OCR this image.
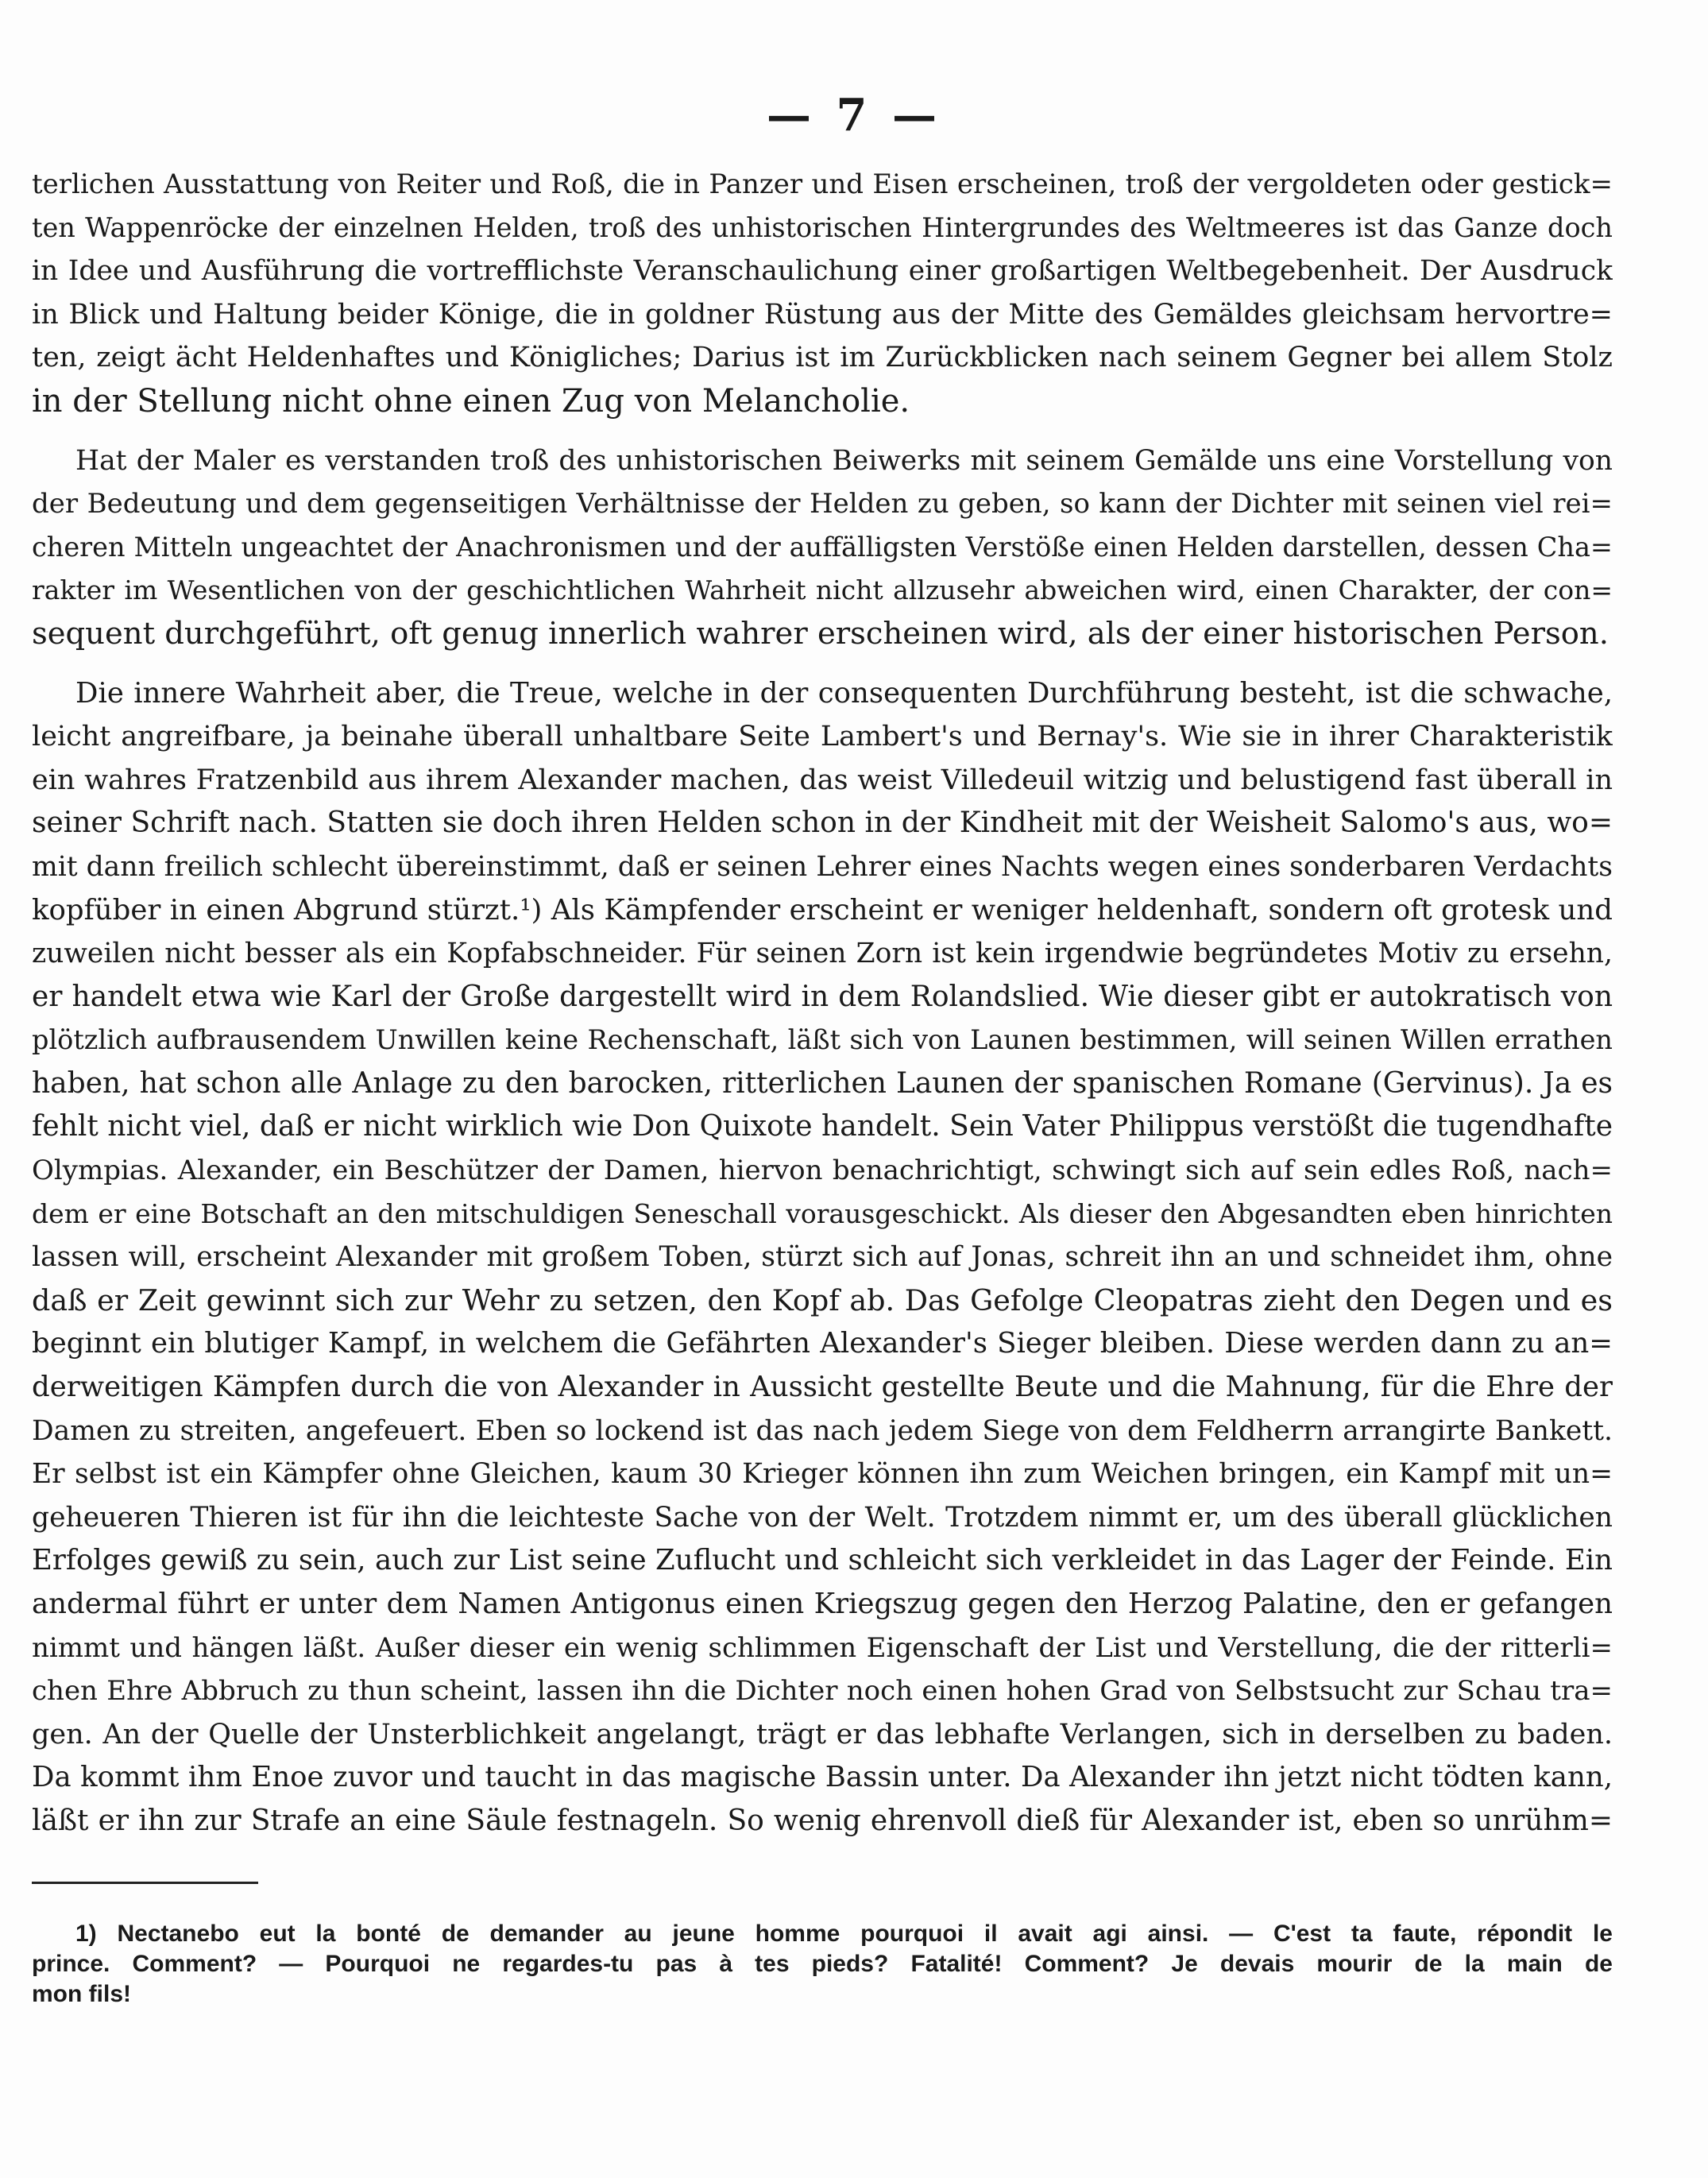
— 7 —
terlichen Ausstattung von Reiter und Roß, die in Panzer und Eisen erscheinen, troß der vergoldeten oder gestick=
ten Wappenröcke der einzelnen Helden, troß des unhistorischen Hintergrundes des Weltmeeres ist das Ganze doch
in Idee und Ausführung die vortrefflichste Veranschaulichung einer großartigen Weltbegebenheit. Der Ausdruck
in Blick und Haltung beider Könige, die in goldner Rüstung aus der Mitte des Gemäldes gleichsam hervortre=
ten, zeigt ächt Heldenhaftes und Königliches; Darius ist im Zurückblicken nach seinem Gegner bei allem Stolz
in der Stellung nicht ohne einen Zug von Melancholie.
Hat der Maler es verstanden troß des unhistorischen Beiwerks mit seinem Gemälde uns eine Vorstellung von
der Bedeutung und dem gegenseitigen Verhältnisse der Helden zu geben, so kann der Dichter mit seinen viel rei=
cheren Mitteln ungeachtet der Anachronismen und der auffälligsten Verstöße einen Helden darstellen, dessen Cha=
rakter im Wesentlichen von der geschichtlichen Wahrheit nicht allzusehr abweichen wird, einen Charakter, der con=
sequent durchgeführt, oft genug innerlich wahrer erscheinen wird, als der einer historischen Person.
Die innere Wahrheit aber, die Treue, welche in der consequenten Durchführung besteht, ist die schwache,
leicht angreifbare, ja beinahe überall unhaltbare Seite Lambert's und Bernay's. Wie sie in ihrer Charakteristik
ein wahres Fratzenbild aus ihrem Alexander machen, das weist Villedeuil witzig und belustigend fast überall in
seiner Schrift nach. Statten sie doch ihren Helden schon in der Kindheit mit der Weisheit Salomo's aus, wo=
mit dann freilich schlecht übereinstimmt, daß er seinen Lehrer eines Nachts wegen eines sonderbaren Verdachts
kopfüber in einen Abgrund stürzt.¹) Als Kämpfender erscheint er weniger heldenhaft, sondern oft grotesk und
zuweilen nicht besser als ein Kopfabschneider. Für seinen Zorn ist kein irgendwie begründetes Motiv zu ersehn,
er handelt etwa wie Karl der Große dargestellt wird in dem Rolandslied. Wie dieser gibt er autokratisch von
plötzlich aufbrausendem Unwillen keine Rechenschaft, läßt sich von Launen bestimmen, will seinen Willen errathen
haben, hat schon alle Anlage zu den barocken, ritterlichen Launen der spanischen Romane (Gervinus). Ja es
fehlt nicht viel, daß er nicht wirklich wie Don Quixote handelt. Sein Vater Philippus verstößt die tugendhafte
Olympias. Alexander, ein Beschützer der Damen, hiervon benachrichtigt, schwingt sich auf sein edles Roß, nach=
dem er eine Botschaft an den mitschuldigen Seneschall vorausgeschickt. Als dieser den Abgesandten eben hinrichten
lassen will, erscheint Alexander mit großem Toben, stürzt sich auf Jonas, schreit ihn an und schneidet ihm, ohne
daß er Zeit gewinnt sich zur Wehr zu setzen, den Kopf ab. Das Gefolge Cleopatras zieht den Degen und es
beginnt ein blutiger Kampf, in welchem die Gefährten Alexander's Sieger bleiben. Diese werden dann zu an=
derweitigen Kämpfen durch die von Alexander in Aussicht gestellte Beute und die Mahnung, für die Ehre der
Damen zu streiten, angefeuert. Eben so lockend ist das nach jedem Siege von dem Feldherrn arrangirte Bankett.
Er selbst ist ein Kämpfer ohne Gleichen, kaum 30 Krieger können ihn zum Weichen bringen, ein Kampf mit un=
geheueren Thieren ist für ihn die leichteste Sache von der Welt. Trotzdem nimmt er, um des überall glücklichen
Erfolges gewiß zu sein, auch zur List seine Zuflucht und schleicht sich verkleidet in das Lager der Feinde. Ein
andermal führt er unter dem Namen Antigonus einen Kriegszug gegen den Herzog Palatine, den er gefangen
nimmt und hängen läßt. Außer dieser ein wenig schlimmen Eigenschaft der List und Verstellung, die der ritterli=
chen Ehre Abbruch zu thun scheint, lassen ihn die Dichter noch einen hohen Grad von Selbstsucht zur Schau tra=
gen. An der Quelle der Unsterblichkeit angelangt, trägt er das lebhafte Verlangen, sich in derselben zu baden.
Da kommt ihm Enoe zuvor und taucht in das magische Bassin unter. Da Alexander ihn jetzt nicht tödten kann,
läßt er ihn zur Strafe an eine Säule festnageln. So wenig ehrenvoll dieß für Alexander ist, eben so unrühm=
1) Nectanebo eut la bonté de demander au jeune homme pourquoi il avait agi ainsi. — C'est ta faute, répondit le
prince. Comment? — Pourquoi ne regardes-tu pas à tes pieds? Fatalité! Comment? Je devais mourir de la main de
mon fils!
